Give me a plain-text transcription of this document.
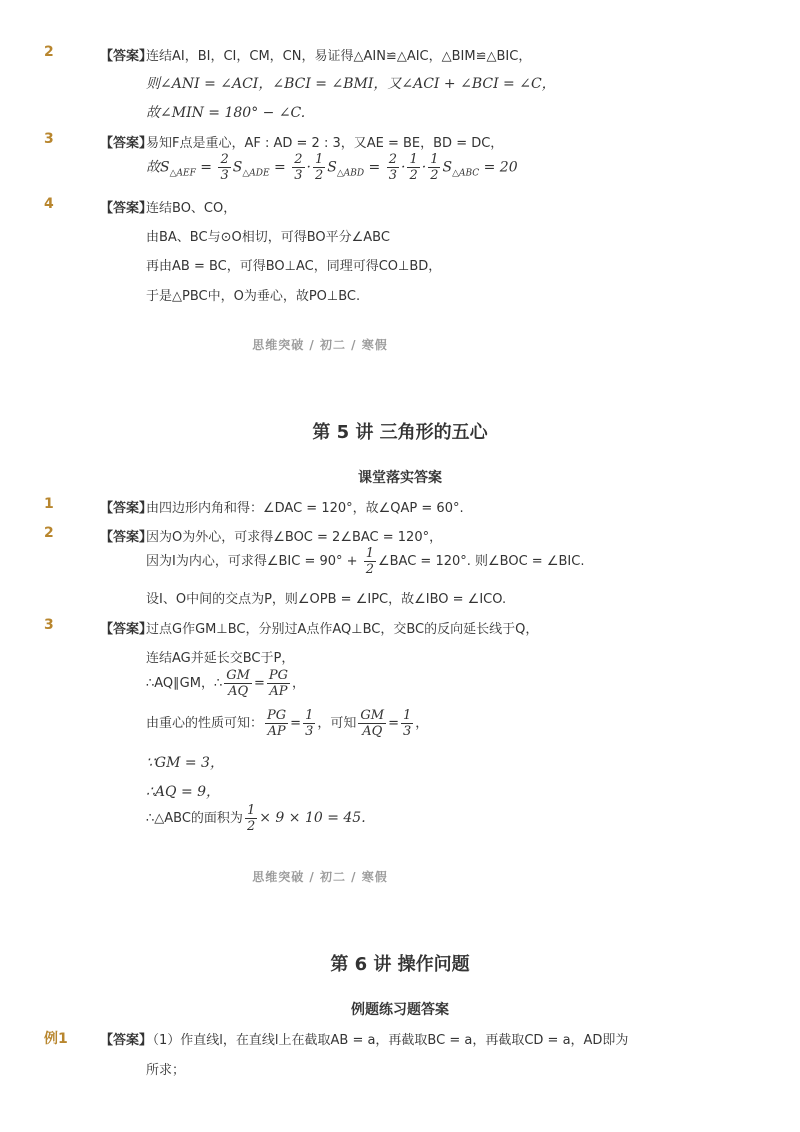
2	【答案】
连结AI，BI，CI，CM，CN，易证得△AIN≌△AIC，△BIM≌△BIC，
则∠ANI = ∠ACI，∠BCI = ∠BMI，又∠ACI + ∠BCI = ∠C，
故∠MIN = 180° − ∠C.
3	【答案】
易知F点是重心，AF : AD = 2 : 3，又AE = BE，BD = DC，
故$S_{\triangle AEF} = \frac{2}{3} S_{\triangle ADE} = \frac{2}{3} \cdot \frac{1}{2} S_{\triangle ABD} = \frac{2}{3} \cdot \frac{1}{2} \cdot \frac{1}{2} S_{\triangle ABC} = 20$
4	【答案】
连结BO、CO，
由BA、BC与⊙O相切，可得BO平分∠ABC
再由AB = BC，可得BO⊥AC，同理可得CO⊥BD，
于是△PBC中，O为垂心，故PO⊥BC.
思维突破 / 初二 / 寒假
第 5 讲 三角形的五心
课堂落实答案
1	【答案】
由四边形内角和得：∠DAC = 120°，故∠QAP = 60°.
2	【答案】
因为O为外心，可求得∠BOC = 2∠BAC = 120°，
因为I为内心，可求得∠BIC = $90^\circ + \frac{1}{2}$ ∠BAC = 120°. 则∠BOC = ∠BIC.
设I、O中间的交点为P，则∠OPB = ∠IPC，故∠IBO = ∠ICO.
3	【答案】
过点G作GM⊥BC，分别过A点作AQ⊥BC，交BC的反向延长线于Q，
连结AG并延长交BC于P，
∴AQ∥GM，∴ $\frac{GM}{AQ} = \frac{PG}{AP}$ ，
由重心的性质可知： $\frac{PG}{AP} = \frac{1}{3}$ ，可知 $\frac{GM}{AQ} = \frac{1}{3}$ ，
∵GM = 3，
∴AQ = 9，
∴△ABC的面积为 $\frac{1}{2} \times 9 \times 10 = 45$.
思维突破 / 初二 / 寒假
第 6 讲 操作问题
例题练习题答案
例1 【答案】
（1）作直线l，在直线l上在截取AB = a，再截取BC = a，再截取CD = a，AD即为
所求；
